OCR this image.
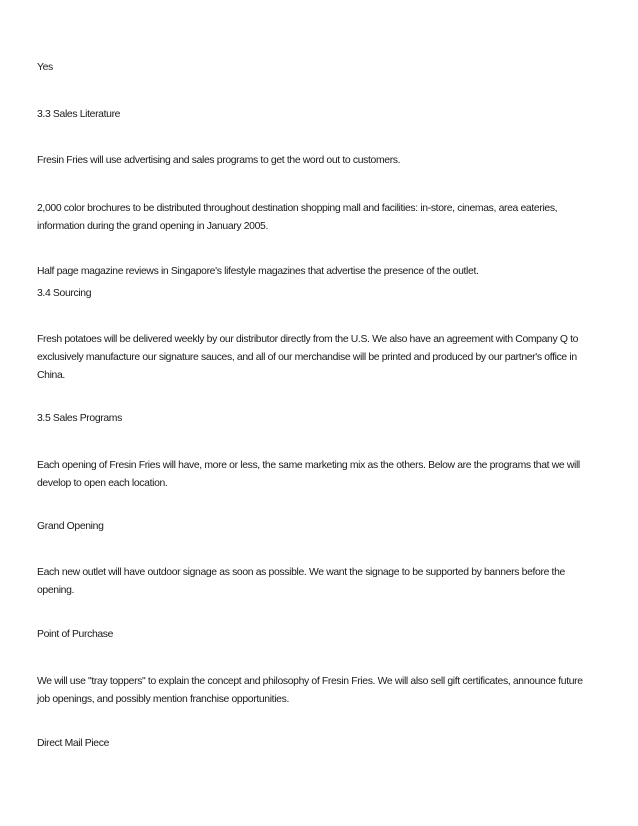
Yes

3.3 Sales Literature

Fresin Fries will use advertising and sales programs to get the word out to customers.

2,000 color brochures to be distributed throughout destination shopping mall and facilities: in-store, cinemas, area eateries, information during the grand opening in January 2005.

Half page magazine reviews in Singapore's lifestyle magazines that advertise the presence of the outlet.

3.4 Sourcing

Fresh potatoes will be delivered weekly by our distributor directly from the U.S. We also have an agreement with Company Q to exclusively manufacture our signature sauces, and all of our merchandise will be printed and produced by our partner's office in China.

3.5 Sales Programs

Each opening of Fresin Fries will have, more or less, the same marketing mix as the others. Below are the programs that we will develop to open each location.

Grand Opening

Each new outlet will have outdoor signage as soon as possible. We want the signage to be supported by banners before the opening.

Point of Purchase

We will use "tray toppers" to explain the concept and philosophy of Fresin Fries. We will also sell gift certificates, announce future job openings, and possibly mention franchise opportunities.

Direct Mail Piece
